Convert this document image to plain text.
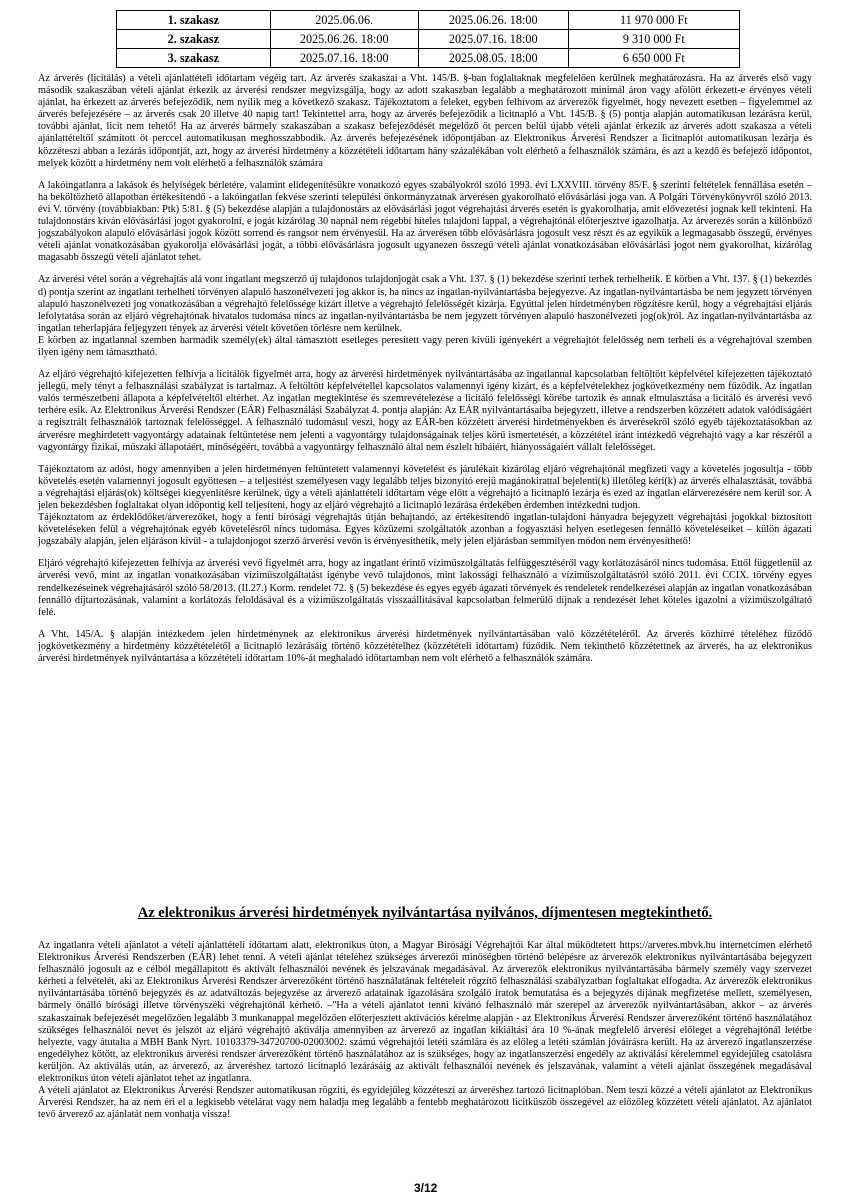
1. szakasz	2025.06.06.	2025.06.26. 18:00	11 970 000 Ft
2. szakasz	2025.06.26. 18:00	2025.07.16. 18:00	9 310 000 Ft
3. szakasz	2025.07.16. 18:00	2025.08.05. 18:00	6 650 000 Ft

Az árverés (licitálás) a vételi ajánlattételi időtartam végéig tart. Az árverés szakaszai a Vht. 145/B. §-ban foglaltaknak megfelelően kerülnek meghatározásra. Ha az árverés első vagy második szakaszában vételi ajánlat érkezik az árverési rendszer megvizsgálja, hogy az adott szakaszban legalább a meghatározott minimál áron vagy afölött érkezett-e érvényes vételi ajánlat, ha érkezett az árverés befejeződik, nem nyílik meg a következő szakasz. Tájékoztatom a feleket, egyben felhívom az árverezők figyelmét, hogy nevezett esetben – figyelemmel az árverés befejezésére – az árverés csak 20 illetve 40 napig tart! Tekintettel arra, hogy az árverés befejeződik a licitnapló a Vht. 145/B. § (5) pontja alapján automatikusan lezárásra kerül, további ajánlat, licit nem tehető! Ha az árverés bármely szakaszában a szakasz befejeződését megelőző öt percen belül újabb vételi ajánlat érkezik az árverés adott szakasza a vételi ajánlattételtől számított öt perccel automatikusan meghosszabbodik. Az árverés befejezésének időpontjában az Elektronikus Árverési Rendszer a licitnaplót automatikusan lezárja és közzéteszi abban a lezárás időpontját, azt, hogy az árverési hirdetmény a közzétételi időtartam hány százalékában volt elérhető a felhasználók számára, és azt a kezdő és befejező időpontot, melyek között a hirdetmény nem volt elérhető a felhasználók számára

A lakóingatlanra a lakások és helyiségek bérletére, valamint elidegenítésükre vonatkozó egyes szabályokról szóló 1993. évi LXXVIII. törvény 85/F. § szerinti feltételek fennállása esetén – ha beköltözhető állapotban értékesítendő - a lakóingatlan fekvése szerinti települési önkormányzatnak árverésen gyakorolható elővásárlási joga van. A Polgári Törvénykönyvről szóló 2013. évi V. törvény (továbbiakban: Ptk) 5:81. § (5) bekezdése alapján a tulajdonostárs az elővásárlási jogot végrehajtási árverés esetén is gyakorolhatja, amit elővezetési jognak kell tekinteni. Ha tulajdonostárs kíván elővásárlási jogot gyakorolni, e jogát kizárólag 30 napnál nem régebbi hiteles tulajdoni lappal, a végrehajtónál előterjesztve igazolhatja. Az árverezés során a különböző jogszabályokon alapuló elővásárlási jogok között sorrend és rangsor nem érvényesül. Ha az árverésen több elővásárlásra jogosult vesz részt és az egyikük a legmagasabb összegű, érvényes vételi ajánlat vonatkozásában gyakorolja elővásárlási jogát, a többi elővásárlásra jogosult ugyanezen összegű vételi ajánlat vonatkozásában elővásárlási jogot nem gyakorolhat, kizárólag magasabb összegű vételi ajánlatot tehet.

Az árverési vétel során a végrehajtás alá vont ingatlant megszerző új tulajdonos tulajdonjogát csak a Vht. 137. § (1) bekezdése szerinti terhek terhelhetik. E körben a Vht. 137. § (1) bekezdés d) pontja szerint az ingatlant terhelheti törvényen alapuló haszonélvezeti jog akkor is, ha nincs az ingatlan-nyilvántartásba bejegyezve. Az ingatlan-nyilvántartásba be nem jegyzett törvényen alapuló haszonélvezeti jog vonatkozásában a végrehajtó felelőssége kizárt illetve a végrehajtó felelősségét kizárja. Egyúttal jelen hirdetményben rögzítésre kerül, hogy a végrehajtási eljárás lefolytatása során az eljáró végrehajtónak hivatalos tudomása nincs az ingatlan-nyilvántartásba be nem jegyzett törvényen alapuló haszonélvezeti jog(ok)ról. Az ingatlan-nyilvántartásba az ingatlan teherlapjára feljegyzett tények az árverési vételt követően törlésre nem kerülnek.

E körben az ingatlannal szemben harmadik személy(ek) által támasztott esetleges peresített vagy peren kívüli igényekért a végrehajtót felelősség nem terheli és a végrehajtóval szemben ilyen igény nem támasztható.

Az eljáró végrehajtó kifejezetten felhívja a licitálók figyelmét arra, hogy az árverési hirdetmények nyilvántartásába az ingatlannal kapcsolatban feltöltött képfelvétel kifejezetten tájékoztató jellegű, mely tényt a felhasználási szabályzat is tartalmaz. A feltöltött képfelvétellel kapcsolatos valamennyi igény kizárt, és a képfelvételekhez jogkövetkezmény nem fűződik. Az ingatlan valós természetbeni állapota a képfelvételtől eltérhet. Az ingatlan megtekintése és szemrevételezése a licitáló felelősségi körébe tartozik és annak elmulasztása a licitáló és árverési vevő terhére esik. Az Elektronikus Árverési Rendszer (EÁR) Felhasználási Szabályzat 4. pontja alapján: Az EÁR nyilvántartásaiba bejegyzett, illetve a rendszerben közzétett adatok valódiságáért a regisztrált felhasználók tartoznak felelősséggel. A felhasználó tudomásul veszi, hogy az EÁR-ben közzétett árverési hirdetményekben és árverésekről szóló egyéb tájékoztatásokban az árverésre meghirdetett vagyontárgy adatainak feltüntetése nem jelenti a vagyontárgy tulajdonságainak teljes körű ismertetését, a közzététel iránt intézkedő végrehajtó vagy a kar részéről a vagyontárgy fizikai, műszaki állapotáért, minőségéért, továbbá a vagyontárgy felhasználó által nem észlelt hibáiért, hiányosságaiért vállalt felelősséget.

Tájékoztatom az adóst, hogy amennyiben a jelen hirdetményen feltüntetett valamennyi követelést és járulékait kizárólag eljáró végrehajtónál megfizeti vagy a követelés jogosultja - több követelés esetén valamennyi jogosult egyöttesen – a teljesítést személyesen vagy legalább teljes bizonyító erejű magánokirattal bejelenti(k) illetőleg kéri(k) az árverés elhalasztását, továbbá a végrehajtási eljárás(ok) költségei kiegyenlítésre kerülnek, úgy a vételi ajánlattételi időtartam vége előtt a végrehajtó a licitnapló lezárja és ezed az ingatlan elárverezésére nem kerül sor. A jelen bekezdésben foglaltakat olyan időpontig kell teljesíteni, hogy az eljáró végrehajtó a licitnapló lezárása érdekében érdemben intézkedni tudjon.

Tájékoztatom az érdeklődőket/árverezőket, hogy a fenti bírósági végrehajtás útján behajtandó, az értékesítendő ingatlan-tulajdoni hányadra bejegyzett végrehajtási jogokkal biztosított követeléseken felül a végrehajtónak egyéb követelésről nincs tudomása. Egyes közüzemi szolgáltatók azonban a fogyasztási helyen esetlegesen fennálló követeléseiket – külön ágazati jogszabály alapján, jelen eljáráson kívül - a tulajdonjogot szerző árverési vevőn is érvényesíthetik, mely jelen eljárásban semmilyen módon nem érvényesíthető!

Eljáró végrehajtó kifejezetten felhívja az árverési vevő figyelmét arra, hogy az ingatlant érintő víziműszolgáltatás felfüggesztéséről vagy korlátozásáról nincs tudomása. Ettől függetlenül az árverési vevő, mint az ingatlan vonatkozásában víziműszolgáltatást igénybe vevő tulajdonos, mint lakossági felhasználó a víziműszolgáltatásról szóló 2011. évi CCIX. törvény egyes rendelkezéseinek végrehajtásáról szóló 58/2013. (II.27.) Korm. rendelet 72. § (5) bekezdése és egyes egyéb ágazati törvények és rendeletek rendelkezései alapján az ingatlan vonatkozásában fennálló díjtartozásának, valamint a korlátozás feloldásával és a víziműszolgáltatás visszaállításával kapcsolatban felmerülő díjnak a rendezését lehet köteles igazolni a víziműszolgáltató felé.

A Vht. 145/A. § alapján intézkedem jelen hirdetménynek az elektronikus árverési hirdetmények nyilvántartásában való közzétételéről. Az árverés közhírré tételéhez fűződő jogkövetkezmény a hirdetmény közzétételétől a licitnapló lezárásáig történő közzétételhez (közzétételi időtartam) fűződik. Nem tekinthető közzétettnek az árverés, ha az elektronikus árverési hirdetmények nyilvántartása a közzétételi időtartam 10%-át meghaladó időtartamban nem volt elérhető a felhasználók számára.

Az elektronikus árverési hirdetmények nyilvántartása nyilvános, díjmentesen megtekinthető.

Az ingatlanra vételi ajánlatot a vételi ajánlattételi időtartam alatt, elektronikus úton, a Magyar Bírósági Végrehajtói Kar által működtetett https://arveres.mbvk.hu internetcímen elérhető Elektronikus Árverési Rendszerben (EÁR) lehet tenni. A vételi ajánlat tételéhez szükséges árverezői minőségben történő belépésre az árverezők elektronikus nyilvántartásába bejegyzett felhasználó jogosult az e célból megállapított és aktivált felhasználói nevének és jelszavának megadásával. Az árverezők elektronikus nyilvántartásába bármely személy vagy szervezet kérheti a felvételét, aki az Elektronikus Árverési Rendszer árverezőként történő használatának feltételeit rögzítő felhasználási szabályzatban foglaltakat elfogadta. Az árverezők elektronikus nyilvántartásába történő bejegyzés és az adatváltozás bejegyzése az árverező adatainak igazolására szolgáló iratok bemutatása és a bejegyzés díjának megfizetése mellett, személyesen, bármely önálló bírósági illetve törvényszéki végrehajtónál kérhető. –"Ha a vételi ajánlatot tenni kívánó felhasználó már szerepel az árverezők nyilvántartásában, akkor – az árverés szakaszainak befejezését megelőzően legalább 3 munkanappal megelőzően előterjesztett aktivációs kérelme alapján - az Elektronikus Árverési Rendszer árverezőként történő használatához szükséges felhasználói nevet és jelszót az eljáró végrehajtó aktiválja amennyiben az árverező az ingatlan kikiáltási ára 10 %-ának megfelelő árverési előleget a végrehajtónál letétbe helyezte, vagy átutalta a MBH Bank Nyrt. 10103379-34720700-02003002. számú végrehajtói letéti számlára és az előleg a letéti számlán jóváírásra került. Ha az árverező ingatlanszerzése engedélyhez kötött, az elektronikus árverési rendszer árverezőként történő használatához az is szükséges, hogy az ingatlanszerzési engedély az aktiválási kérelemmel egyidejűleg csatolásra kerüljön. Az aktiválás után, az árverező, az árveréshez tartozó licitnapló lezárásáig az aktivált felhasználói nevének és jelszavának, valamint a vételi ajánlat összegének megadásával elektronikus úton vételi ajánlatot tehet az ingatlanra.

A vételi ajánlatot az Elektronikus Árverési Rendszer automatikusan rögzíti, és egyidejűleg közzéteszi az árveréshez tartozó licitnaplóban. Nem teszi közzé a vételi ajánlatot az Elektronikus Árverési Rendszer, ha az nem éri el a legkisebb vételárat vagy nem haladja meg legalább a fentebb meghatározott licitküszöb összegével az előzőleg közzétett vételi ajánlatot. Az ajánlatot tevő árverező az ajánlatát nem vonhatja vissza!

3/12
